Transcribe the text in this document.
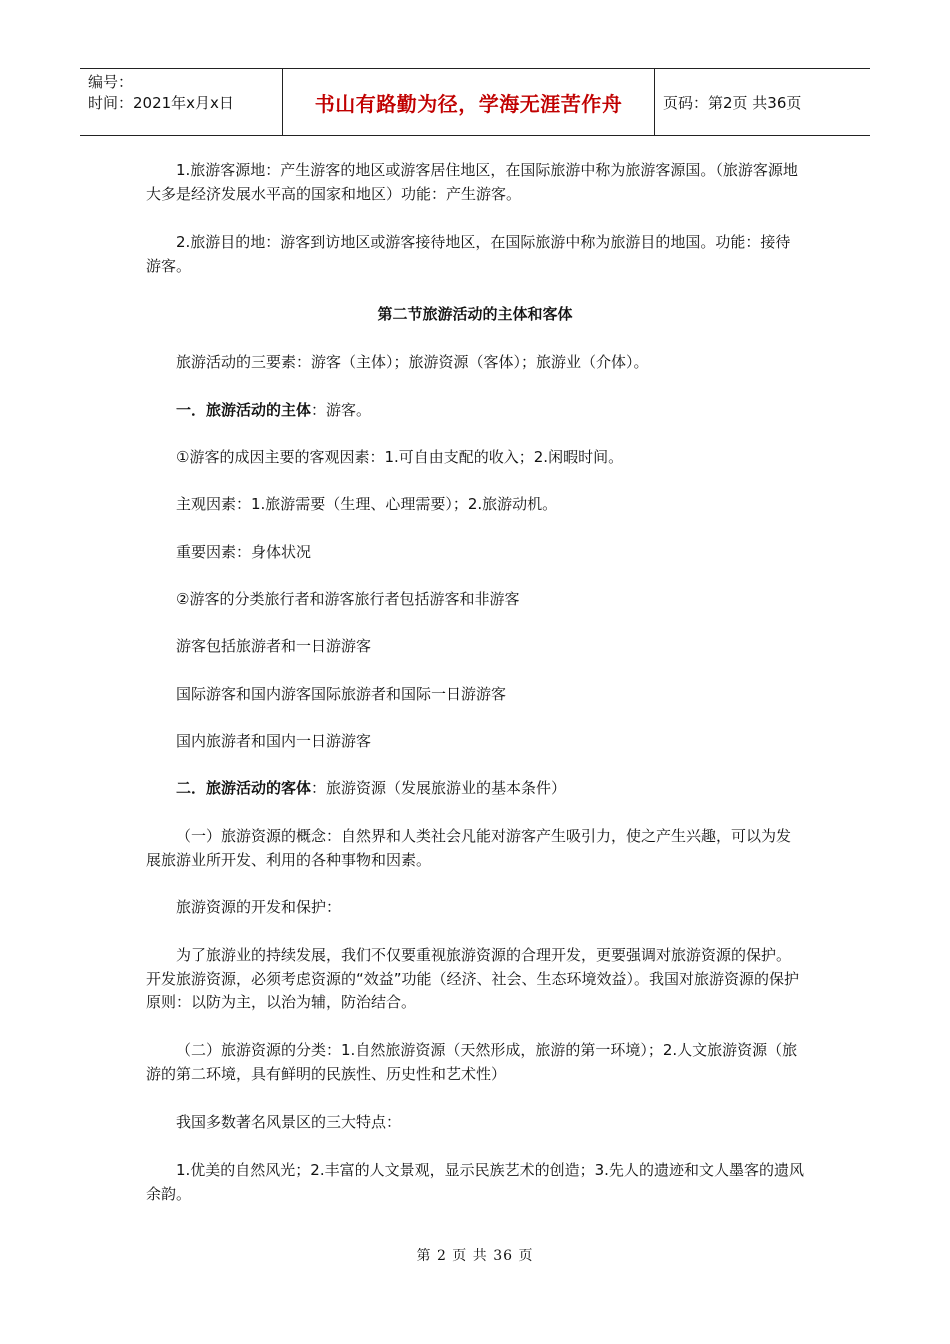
编号：
时间：2021年x月x日	书山有路勤为径，学海无涯苦作舟	页码：第2页 共36页

1.旅游客源地：产生游客的地区或游客居住地区，在国际旅游中称为旅游客源国。（旅游客源地大多是经济发展水平高的国家和地区）功能：产生游客。

2.旅游目的地：游客到访地区或游客接待地区，在国际旅游中称为旅游目的地国。功能：接待游客。

第二节旅游活动的主体和客体

旅游活动的三要素：游客（主体）；旅游资源（客体）；旅游业（介体）。

一．旅游活动的主体：游客。

①游客的成因主要的客观因素：1.可自由支配的收入；2.闲暇时间。

主观因素：1.旅游需要（生理、心理需要）；2.旅游动机。

重要因素：身体状况

②游客的分类旅行者和游客旅行者包括游客和非游客

游客包括旅游者和一日游游客

国际游客和国内游客国际旅游者和国际一日游游客

国内旅游者和国内一日游游客

二．旅游活动的客体：旅游资源（发展旅游业的基本条件）

（一）旅游资源的概念：自然界和人类社会凡能对游客产生吸引力，使之产生兴趣，可以为发展旅游业所开发、利用的各种事物和因素。

旅游资源的开发和保护：

为了旅游业的持续发展，我们不仅要重视旅游资源的合理开发，更要强调对旅游资源的保护。开发旅游资源，必须考虑资源的“效益”功能（经济、社会、生态环境效益）。我国对旅游资源的保护原则：以防为主，以治为辅，防治结合。

（二）旅游资源的分类：1.自然旅游资源（天然形成，旅游的第一环境）；2.人文旅游资源（旅游的第二环境，具有鲜明的民族性、历史性和艺术性）

我国多数著名风景区的三大特点：

1.优美的自然风光；2.丰富的人文景观，显示民族艺术的创造；3.先人的遗迹和文人墨客的遗风余韵。

第 2 页 共 36 页
